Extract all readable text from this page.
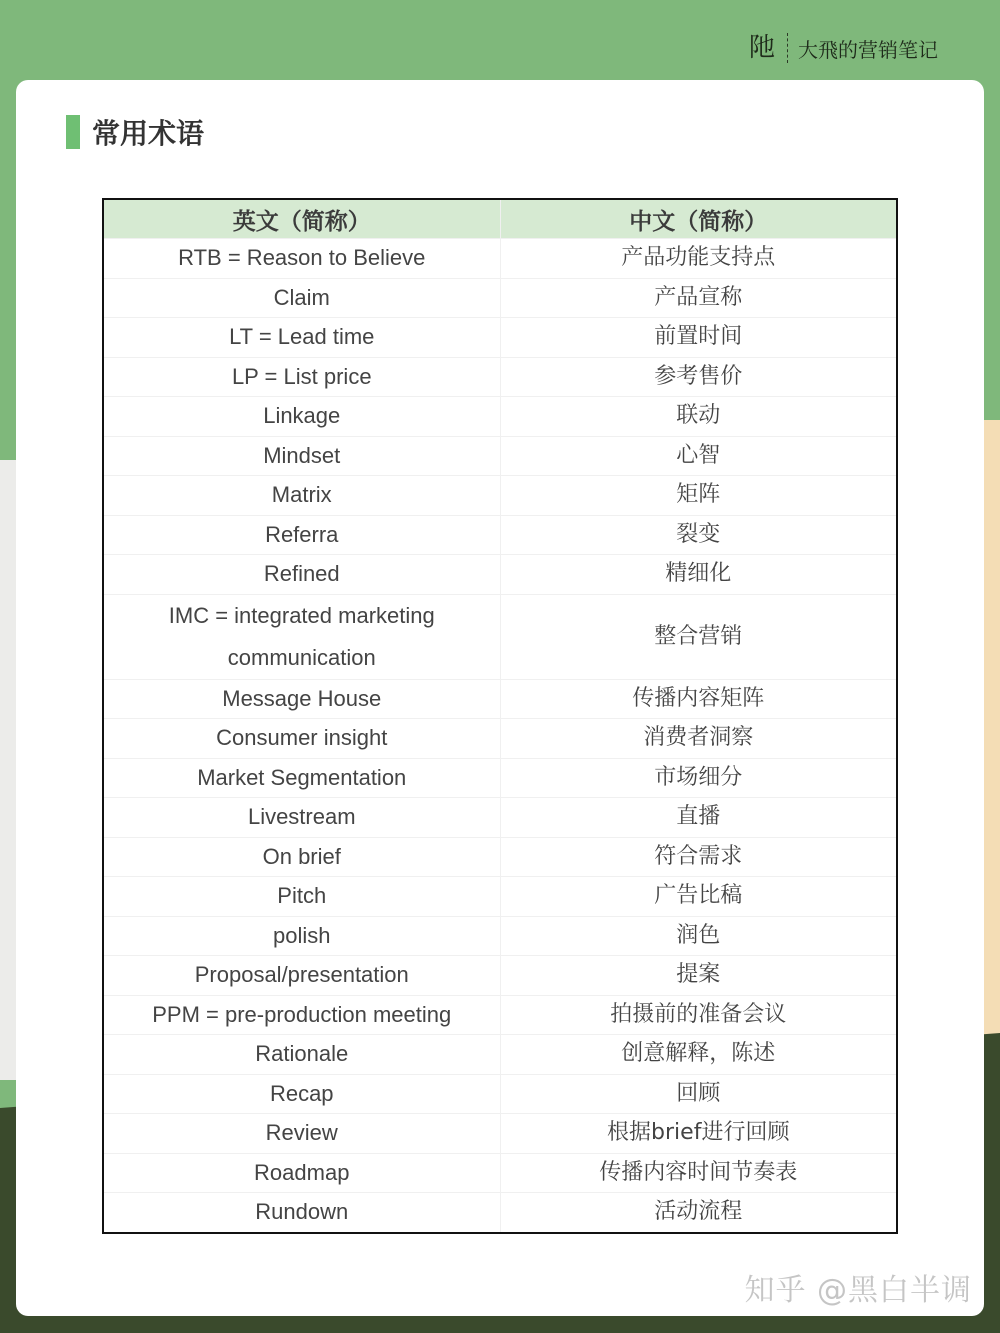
阤	大飛的营销笔记
常用术语
英文（简称）	中文（简称）
RTB = Reason to Believe	产品功能支持点
Claim	产品宣称
LT = Lead time	前置时间
LP = List price	参考售价
Linkage	联动
Mindset	心智
Matrix	矩阵
Referra	裂变
Refined	精细化
IMC = integrated marketing communication	整合营销
Message House	传播内容矩阵
Consumer insight	消费者洞察
Market Segmentation	市场细分
Livestream	直播
On brief	符合需求
Pitch	广告比稿
polish	润色
Proposal/presentation	提案
PPM = pre-production meeting	拍摄前的准备会议
Rationale	创意解释，陈述
Recap	回顾
Review	根据brief进行回顾
Roadmap	传播内容时间节奏表
Rundown	活动流程
知乎 @黑白半调
